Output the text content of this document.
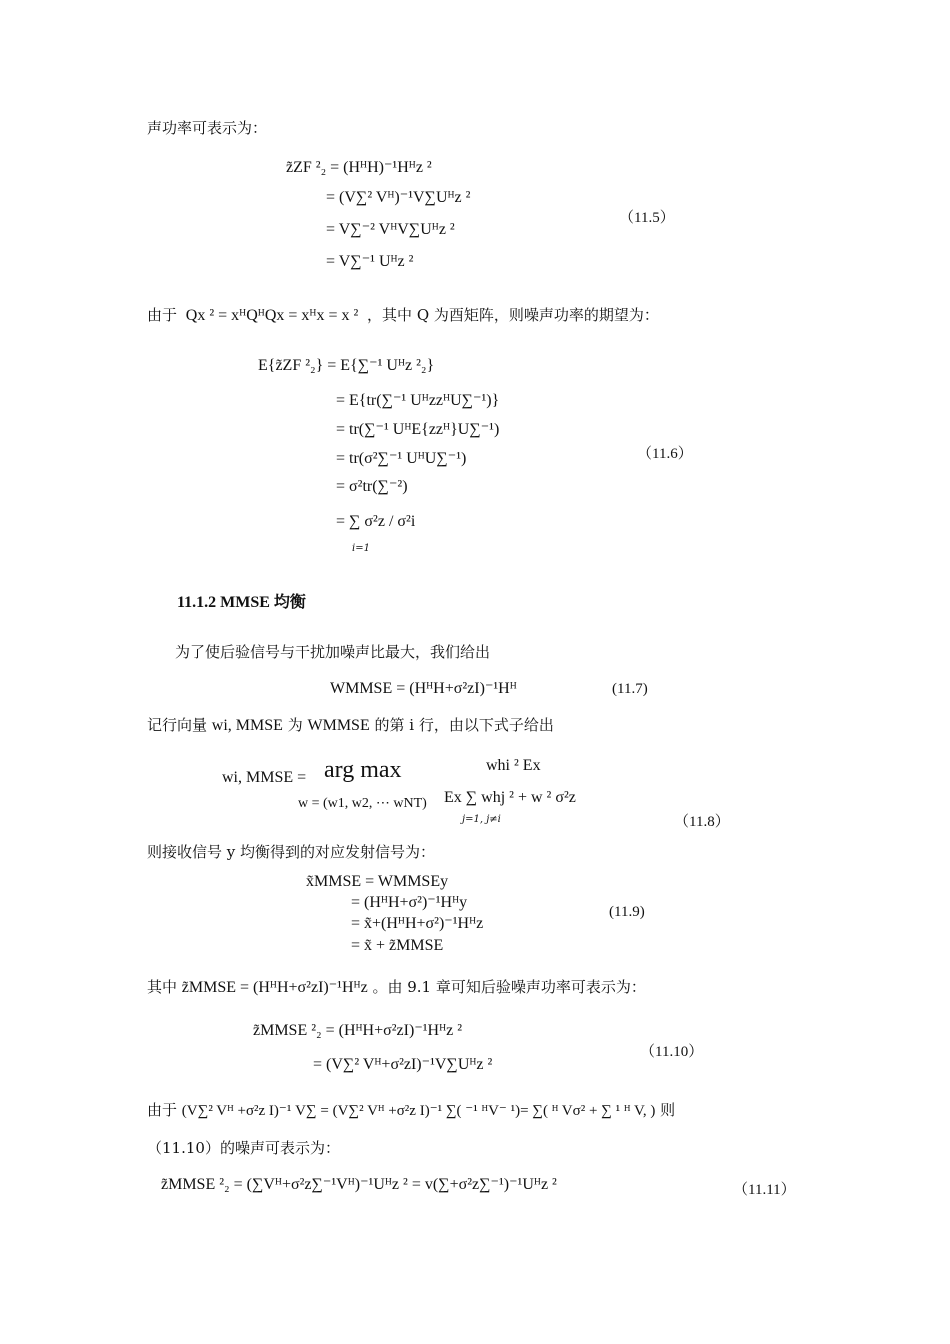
声功率可表示为：
z̃ZF ²₂ = (HᴴH)⁻¹Hᴴz ²
= (V∑² Vᴴ)⁻¹V∑Uᴴz ²
= V∑⁻² VᴴV∑Uᴴz ²
= V∑⁻¹ Uᴴz ²
（11.5）
由于 Qx ² = xᴴQᴴQx = xᴴx = x ² ，其中 Q 为酉矩阵，则噪声功率的期望为：
E{z̃ZF ²₂} = E{∑⁻¹ Uᴴz ²₂}
= E{tr(∑⁻¹ UᴴzzᴴU∑⁻¹)}
= tr(∑⁻¹ UᴴE{zzᴴ}U∑⁻¹)
= tr(σ²∑⁻¹ UᴴU∑⁻¹)
= σ²tr(∑⁻²)
= ∑ σ²z / σ²i
i=1
（11.6）
11.1.2 MMSE 均衡
为了使后验信号与干扰加噪声比最大，我们给出
WMMSE = (HᴴH+σ²zI)⁻¹Hᴴ	(11.7)
记行向量 wi, MMSE 为 WMMSE 的第 i 行，由以下式子给出
wi, MMSE = arg max
w = (w1, w2, ⋯ wNT)
whi ² Ex
Ex ∑ whj ² + w ² σ²z
j=1, j≠i	（11.8）
则接收信号 y 均衡得到的对应发射信号为：
x̃MMSE = WMMSEy
= (HᴴH+σ²)⁻¹Hᴴy
= x̃+(HᴴH+σ²)⁻¹Hᴴz
= x̃ + z̃MMSE
(11.9)
其中 z̃MMSE = (HᴴH+σ²zI)⁻¹Hᴴz 。由 9.1 章可知后验噪声功率可表示为：
z̃MMSE ²₂ = (HᴴH+σ²zI)⁻¹Hᴴz ²
= (V∑² Vᴴ+σ²zI)⁻¹V∑Uᴴz ²
（11.10）
由于 (V∑² Vᴴ +σ²z I)⁻¹ V∑ = (V∑² Vᴴ +σ²z I)⁻¹ ∑( ⁻¹ ᴴV⁻ ¹)= ∑( ᴴ Vσ² + ∑ ¹ ᴴ V, ) 则
（11.10）的噪声可表示为：
z̃MMSE ²₂ = (∑Vᴴ+σ²z∑⁻¹Vᴴ)⁻¹Uᴴz ² = v(∑+σ²z∑⁻¹)⁻¹Uᴴz ²	（11.11）
